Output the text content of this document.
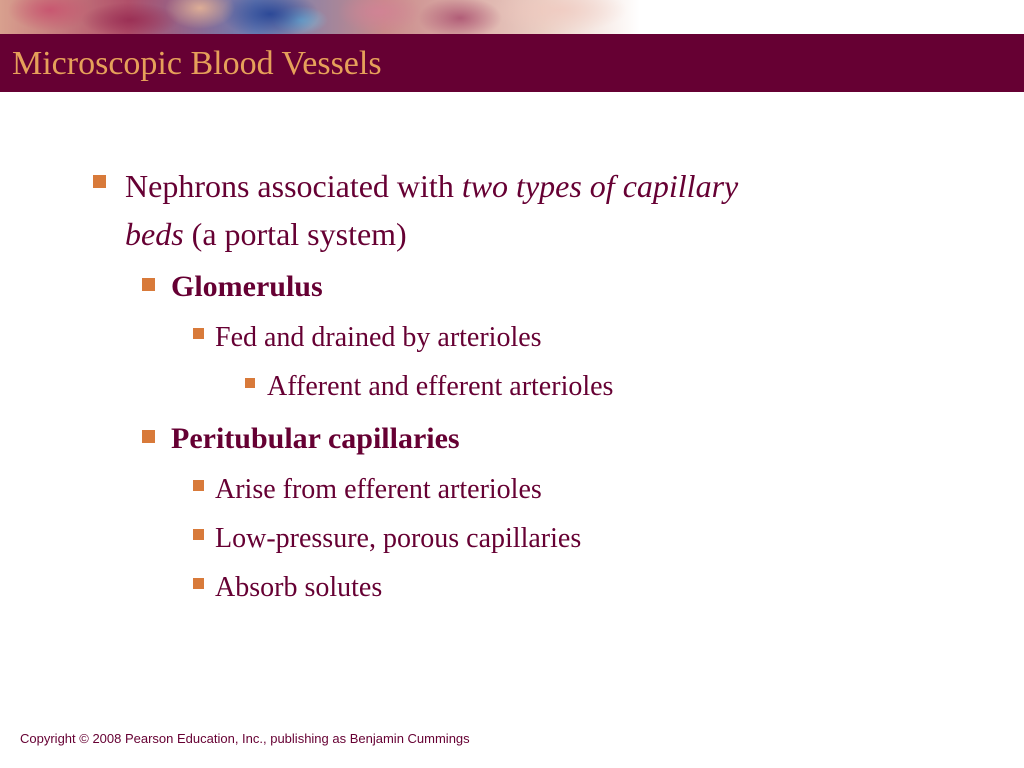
Microscopic Blood Vessels
Nephrons associated with two types of capillary
beds (a portal system)
Glomerulus
Fed and drained by arterioles
Afferent and efferent arterioles
Peritubular capillaries
Arise from efferent arterioles
Low-pressure, porous capillaries
Absorb solutes
Copyright © 2008 Pearson Education, Inc., publishing as Benjamin Cummings
